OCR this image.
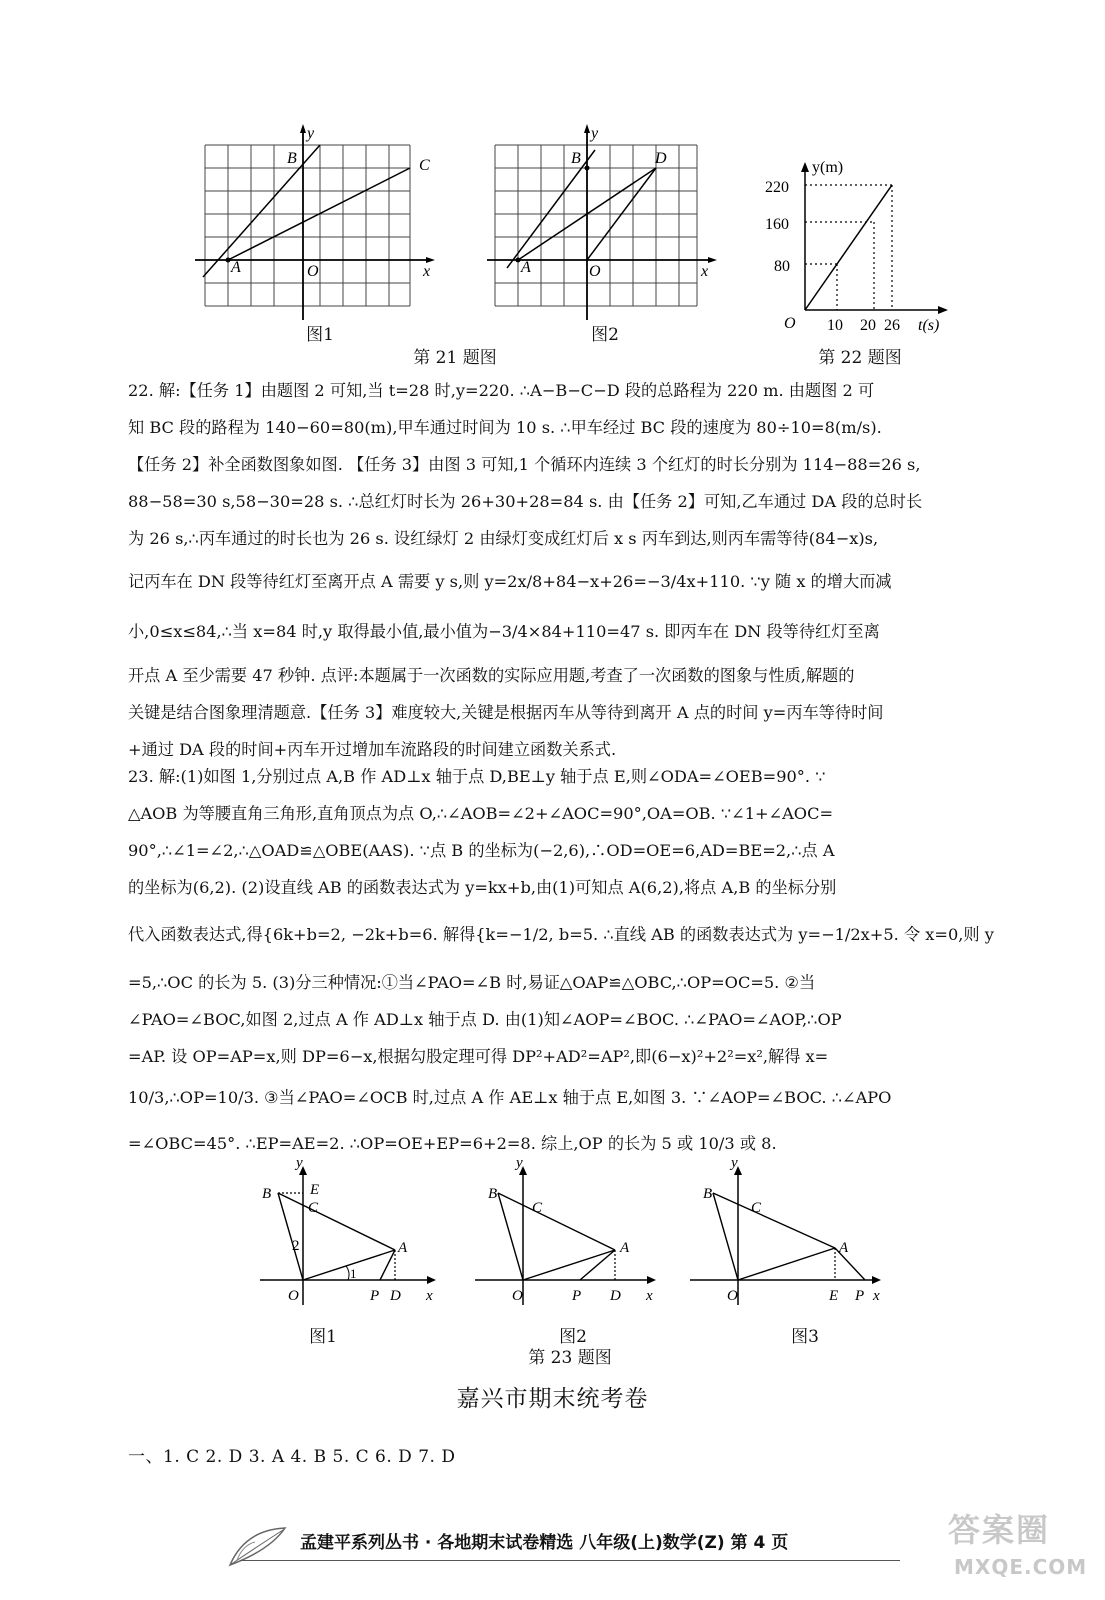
y
B	C
A	O	x
图1
y
B	D
A	O	x
图2
第 21 题图
y(m)
220
160
80
O 10 20 26 t(s)
第 22 题图

22. 解:【任务 1】由题图 2 可知,当 t=28 时,y=220. ∴A−B−C−D 段的总路程为 220 m. 由题图 2 可

知 BC 段的路程为 140−60=80(m),甲车通过时间为 10 s. ∴甲车经过 BC 段的速度为 80÷10=8(m/s).

【任务 2】补全函数图象如图. 【任务 3】由图 3 可知,1 个循环内连续 3 个红灯的时长分别为 114−88=26 s,

88−58=30 s,58−30=28 s. ∴总红灯时长为 26+30+28=84 s. 由【任务 2】可知,乙车通过 DA 段的总时长

为 26 s,∴丙车通过的时长也为 26 s. 设红绿灯 2 由绿灯变成红灯后 x s 丙车到达,则丙车需等待(84−x)s,

记丙车在 DN 段等待红灯至离开点 A 需要 y s,则 y=2x/8+84−x+26=−3/4x+110. ∵y 随 x 的增大而减

小,0≤x≤84,∴当 x=84 时,y 取得最小值,最小值为−3/4×84+110=47 s. 即丙车在 DN 段等待红灯至离

开点 A 至少需要 47 秒钟. 点评:本题属于一次函数的实际应用题,考查了一次函数的图象与性质,解题的

关键是结合图象理清题意.【任务 3】难度较大,关键是根据丙车从等待到离开 A 点的时间 y=丙车等待时间

+通过 DA 段的时间+丙车开过增加车流路段的时间建立函数关系式.

23. 解:(1)如图 1,分别过点 A,B 作 AD⊥x 轴于点 D,BE⊥y 轴于点 E,则∠ODA=∠OEB=90°. ∵

△AOB 为等腰直角三角形,直角顶点为点 O,∴∠AOB=∠2+∠AOC=90°,OA=OB. ∵∠1+∠AOC=

90°,∴∠1=∠2,∴△OAD≌△OBE(AAS). ∵点 B 的坐标为(−2,6),∴OD=OE=6,AD=BE=2,∴点 A

的坐标为(6,2). (2)设直线 AB 的函数表达式为 y=kx+b,由(1)可知点 A(6,2),将点 A,B 的坐标分别

代入函数表达式,得{6k+b=2, −2k+b=6. 解得{k=−1/2, b=5. ∴直线 AB 的函数表达式为 y=−1/2x+5. 令 x=0,则 y

=5,∴OC 的长为 5. (3)分三种情况:①当∠PAO=∠B 时,易证△OAP≌△OBC,∴OP=OC=5. ②当

∠PAO=∠BOC,如图 2,过点 A 作 AD⊥x 轴于点 D. 由(1)知∠AOP=∠BOC. ∴∠PAO=∠AOP,∴OP

=AP. 设 OP=AP=x,则 DP=6−x,根据勾股定理可得 DP²+AD²=AP²,即(6−x)²+2²=x²,解得 x=

10/3,∴OP=10/3. ③当∠PAO=∠OCB 时,过点 A 作 AE⊥x 轴于点 E,如图 3. ∵∠AOP=∠BOC. ∴∠APO

=∠OBC=45°. ∴EP=AE=2. ∴OP=OE+EP=6+2=8. 综上,OP 的长为 5 或 10/3 或 8.

y
B	E
C
A
O	P D x
2
1
图1
y
B
C
A
O	P D x
图2
y
B
C
A
O	E P x
图3
第 23 题图
嘉兴市期末统考卷
一、1. C 2. D 3. A 4. B 5. C 6. D 7. D
孟建平系列丛书 · 各地期末试卷精选 八年级(上)数学(Z) 第 4 页	答案圈
MXQE.COM
